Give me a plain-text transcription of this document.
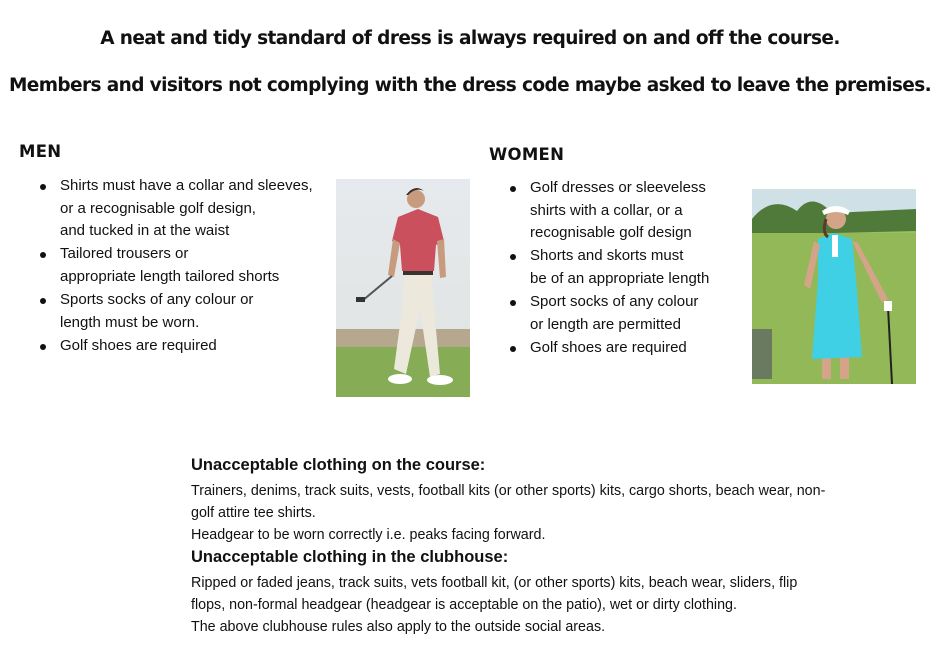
A neat and tidy standard of dress is always required on and off the course.
Members and visitors not complying with the dress code maybe asked to leave the premises.
MEN
Shirts must have a collar and sleeves,
or a recognisable golf design,
and tucked in at the waist
Tailored trousers or
appropriate length tailored shorts
Sports socks of any colour or
length must be worn.
Golf shoes are required
WOMEN
Golf dresses or sleeveless
shirts with a collar, or a
recognisable golf design
Shorts and skorts must
be of an appropriate length
Sport socks of any colour
or length are permitted
Golf shoes are required
Unacceptable clothing on the course:
Trainers, denims, track suits, vests, football kits (or other sports) kits, cargo shorts, beach wear, non-golf attire tee shirts.
Headgear to be worn correctly i.e. peaks facing forward.
Unacceptable clothing in the clubhouse:
Ripped or faded jeans, track suits, vets football kit, (or other sports) kits, beach wear, sliders, flip flops, non-formal headgear (headgear is acceptable on the patio), wet or dirty clothing.
The above clubhouse rules also apply to the outside social areas.
